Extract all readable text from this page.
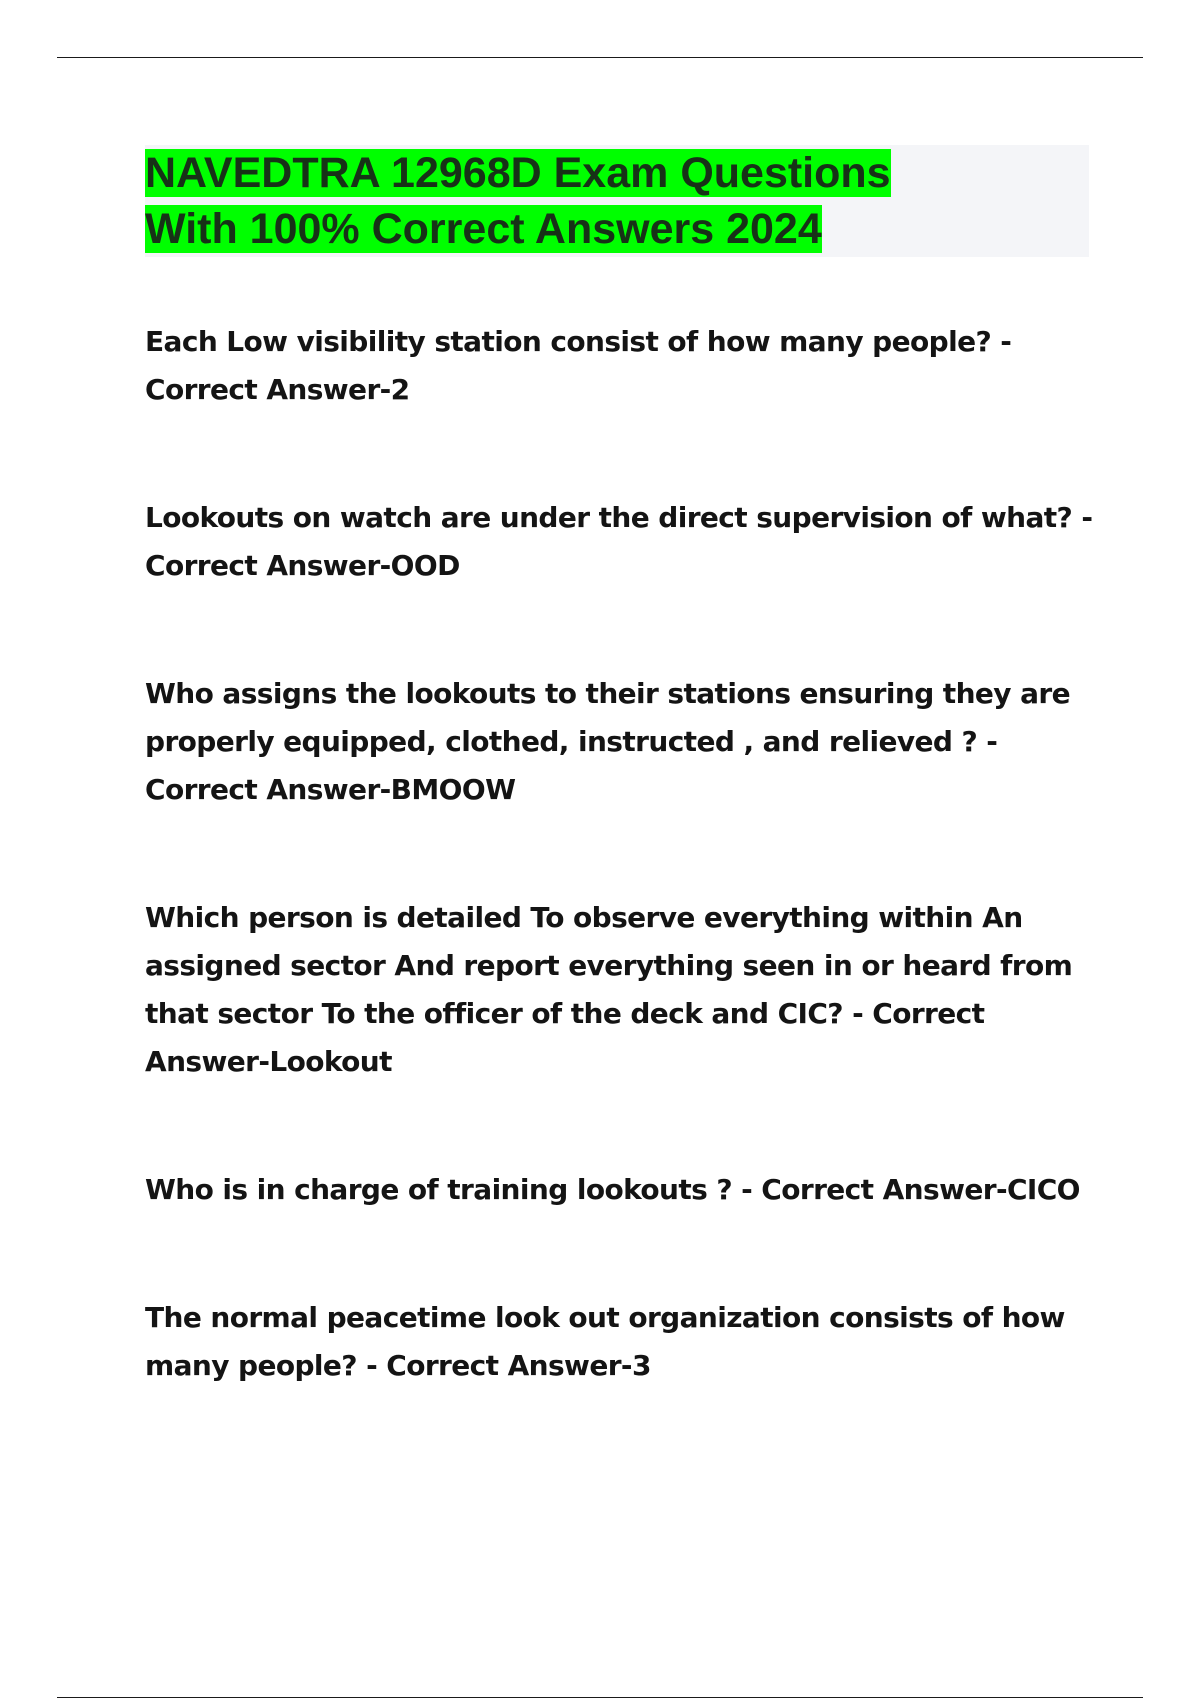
NAVEDTRA 12968D Exam Questions
With 100% Correct Answers 2024

Each Low visibility station consist of how many people? - Correct Answer-2

Lookouts on watch are under the direct supervision of what? - Correct Answer-OOD

Who assigns the lookouts to their stations ensuring they are properly equipped, clothed, instructed , and relieved ? - Correct Answer-BMOOW

Which person is detailed To observe everything within An assigned sector And report everything seen in or heard from that sector To the officer of the deck and CIC? - Correct Answer-Lookout

Who is in charge of training lookouts ? - Correct Answer-CICO

The normal peacetime look out organization consists of how many people? - Correct Answer-3
